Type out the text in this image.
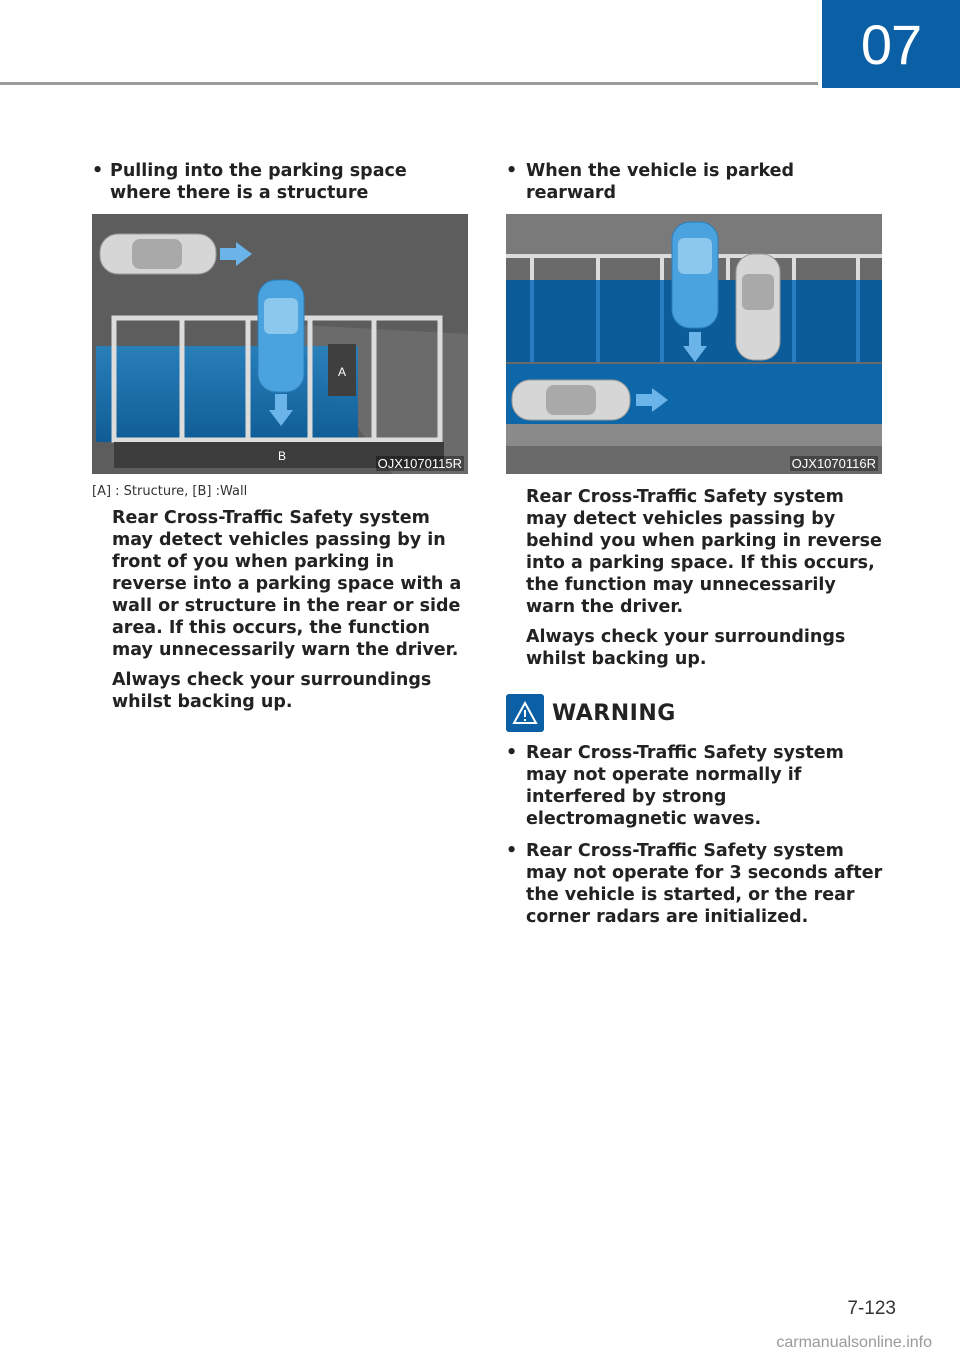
07

• Pulling into the parking space where there is a structure

A
B	OJX1070115R

[A] : Structure, [B] :Wall

Rear Cross-Traffic Safety system may detect vehicles passing by in front of you when parking in reverse into a parking space with a wall or structure in the rear or side area. If this occurs, the function may unnecessarily warn the driver.

Always check your surroundings whilst backing up.

• When the vehicle is parked rearward

OJX1070116R

Rear Cross-Traffic Safety system may detect vehicles passing by behind you when parking in reverse into a parking space. If this occurs, the function may unnecessarily warn the driver.

Always check your surroundings whilst backing up.

WARNING
• Rear Cross-Traffic Safety system may not operate normally if interfered by strong electromagnetic waves.
• Rear Cross-Traffic Safety system may not operate for 3 seconds after the vehicle is started, or the rear corner radars are initialized.
7-123
carmanualsonline.info
